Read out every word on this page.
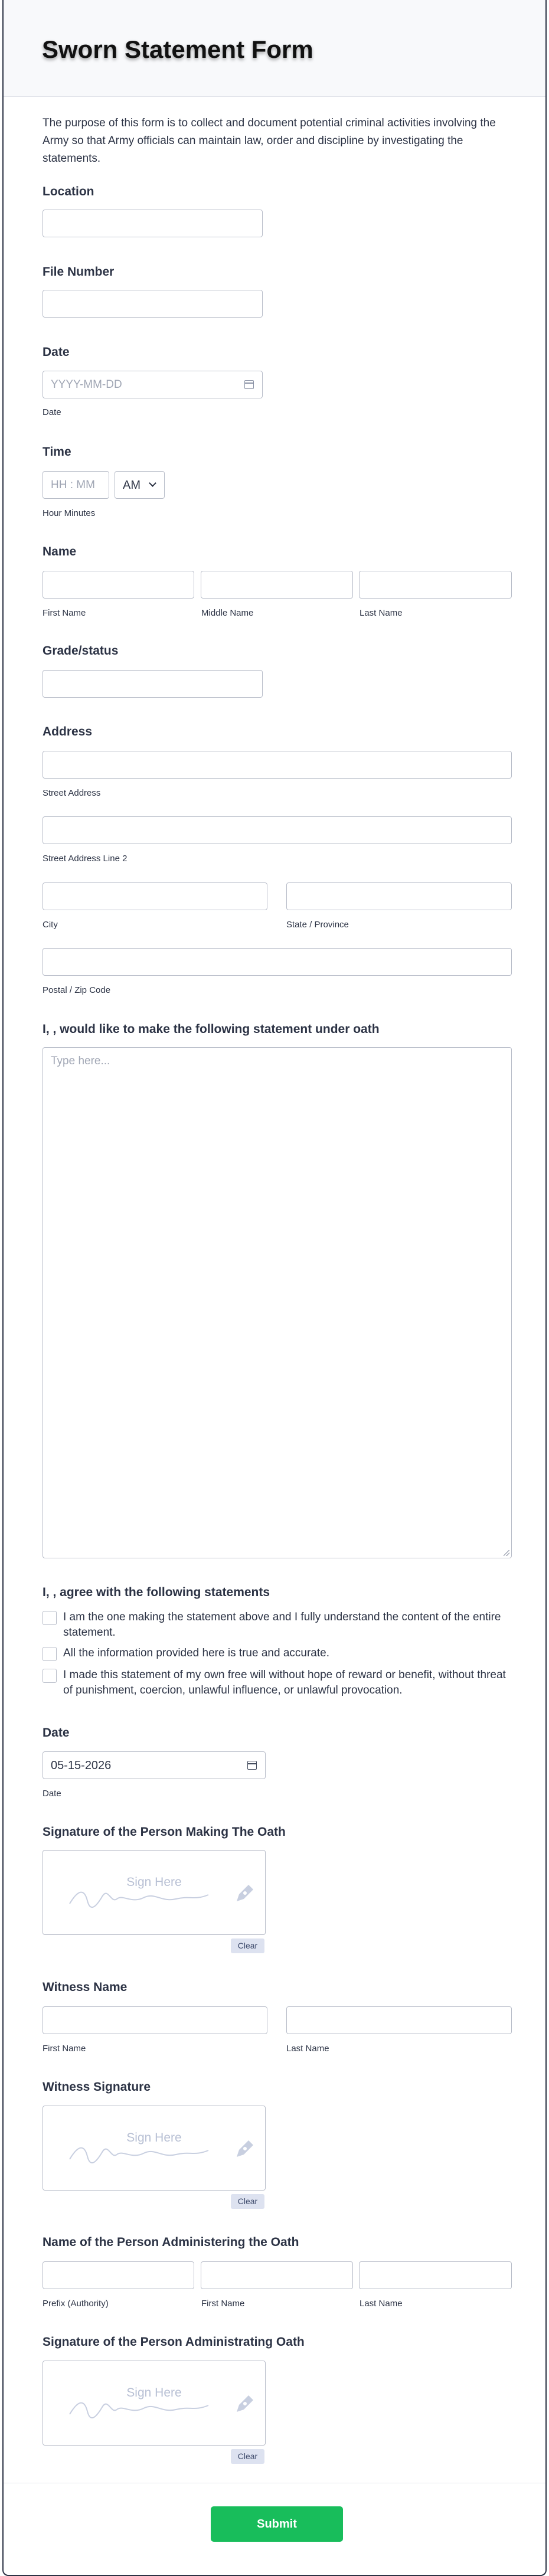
Sworn Statement Form

The purpose of this form is to collect and document potential criminal activities involving the Army so that Army officials can maintain law, order and discipline by investigating the statements.

Location
File Number
Date
YYYY-MM-DD
Date
Time
HH : MM AM
Hour Minutes
Name
First Name	Middle Name	Last Name
Grade/status
Address
Street Address
Street Address Line 2
City	State / Province
Postal / Zip Code
I, , would like to make the following statement under oath
Type here...
I, , agree with the following statements
I am the one making the statement above and I fully understand the content of the entire statement.
All the information provided here is true and accurate.
I made this statement of my own free will without hope of reward or benefit, without threat of punishment, coercion, unlawful influence, or unlawful provocation.
Date
05-15-2026
Date
Signature of the Person Making The Oath
Sign Here
Clear
Witness Name
First Name	Last Name
Witness Signature
Sign Here
Clear
Name of the Person Administering the Oath
Prefix (Authority)	First Name	Last Name
Signature of the Person Administrating Oath
Sign Here
Clear
Submit
